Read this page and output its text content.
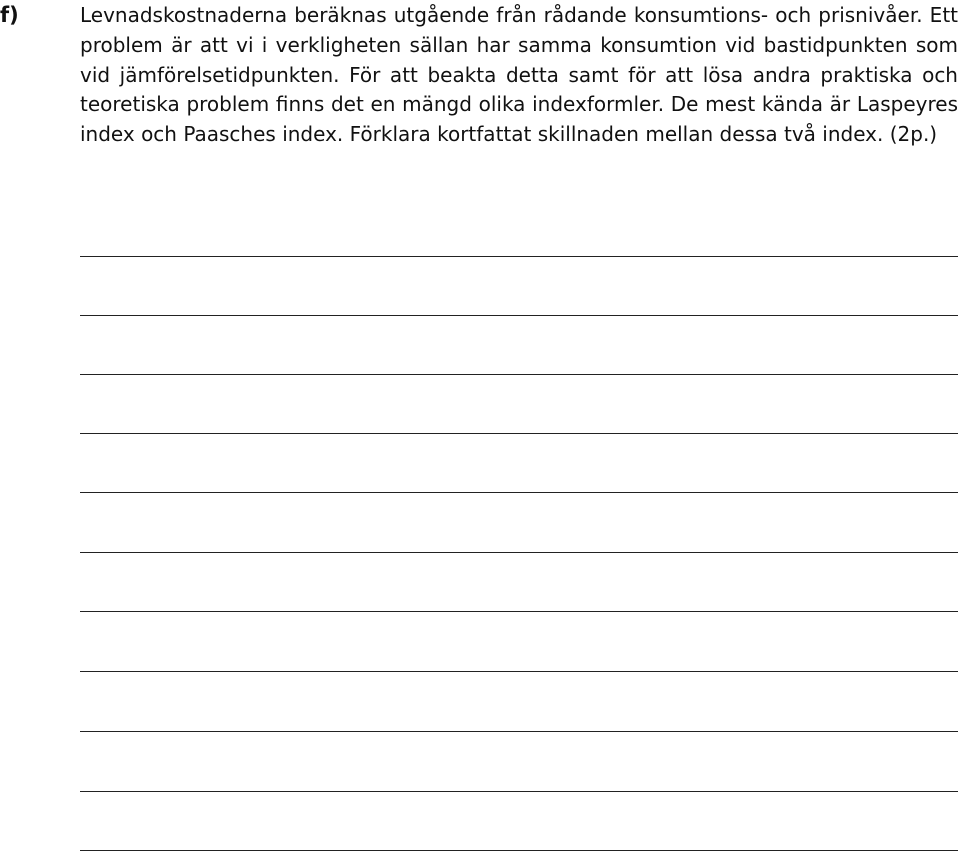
f)	Levnadskostnaderna beräknas utgående från rådande konsumtions- och prisnivåer. Ett problem är att vi i verkligheten sällan har samma konsumtion vid bastidpunkten som vid jämförelsetidpunkten. För att beakta detta samt för att lösa andra praktiska och teoretiska problem finns det en mängd olika indexformler. De mest kända är Laspeyres index och Paasches index. Förklara kortfattat skillnaden mellan dessa två index. (2p.)
